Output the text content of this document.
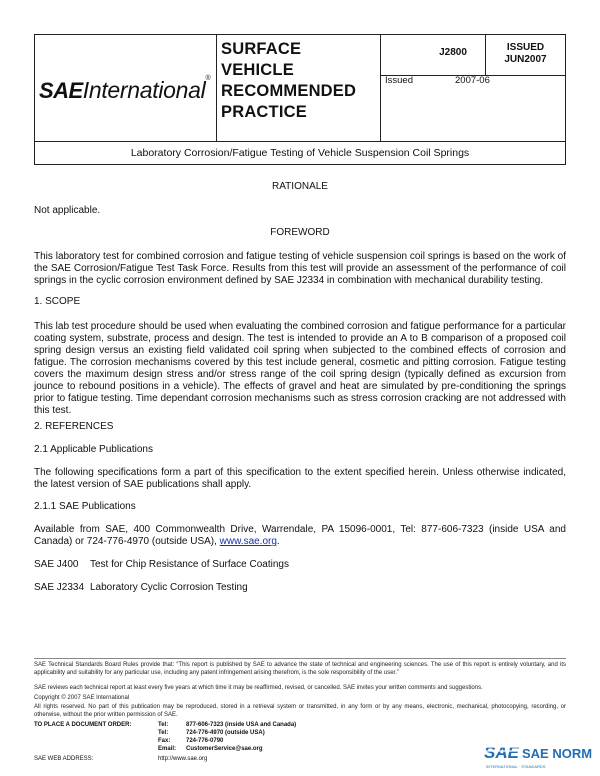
SAEInternational®
SURFACE
VEHICLE
RECOMMENDED
PRACTICE
J2800
Issued	2007-06
ISSUED
JUN2007
Laboratory Corrosion/Fatigue Testing of Vehicle Suspension Coil Springs
RATIONALE
Not applicable.
FOREWORD
This laboratory test for combined corrosion and fatigue testing of vehicle suspension coil springs is based on the work of the SAE Corrosion/Fatigue Test Task Force. Results from this test will provide an assessment of the performance of coil springs in the cyclic corrosion environment defined by SAE J2334 in combination with mechanical durability testing.
1. SCOPE
This lab test procedure should be used when evaluating the combined corrosion and fatigue performance for a particular coating system, substrate, process and design. The test is intended to provide an A to B comparison of a proposed coil spring design versus an existing field validated coil spring when subjected to the combined effects of corrosion and fatigue. The corrosion mechanisms covered by this test include general, cosmetic and pitting corrosion. Fatigue testing covers the maximum design stress and/or stress range of the coil spring design (typically defined as excursion from jounce to rebound positions in a vehicle). The effects of gravel and heat are simulated by pre-conditioning the springs prior to fatigue testing. Time dependant corrosion mechanisms such as stress corrosion cracking are not addressed with this test.
2. REFERENCES
2.1 Applicable Publications
The following specifications form a part of this specification to the extent specified herein. Unless otherwise indicated, the latest version of SAE publications shall apply.
2.1.1 SAE Publications
Available from SAE, 400 Commonwealth Drive, Warrendale, PA 15096-0001, Tel: 877-606-7323 (inside USA and Canada) or 724-776-4970 (outside USA), www.sae.org.
SAE J400 Test for Chip Resistance of Surface Coatings
SAE J2334 Laboratory Cyclic Corrosion Testing
SAE Technical Standards Board Rules provide that: “This report is published by SAE to advance the state of technical and engineering sciences. The use of this report is entirely voluntary, and its applicability and suitability for any particular use, including any patent infringement arising therefrom, is the sole responsibility of the user.”
SAE reviews each technical report at least every five years at which time it may be reaffirmed, revised, or cancelled. SAE invites your written comments and suggestions.
Copyright © 2007 SAE International
All rights reserved. No part of this publication may be reproduced, stored in a retrieval system or transmitted, in any form or by any means, electronic, mechanical, photocopying, recording, or otherwise, without the prior written permission of SAE.
TO PLACE A DOCUMENT ORDER:	Tel:	877-606-7323 (inside USA and Canada)
Tel:	724-776-4970 (outside USA)
Fax:	724-776-0790
Email: CustomerService@sae.org
SAE WEB ADDRESS:	http://www.sae.org	SAE SAE NORM
INTERNATIONAL · STANDARDS
